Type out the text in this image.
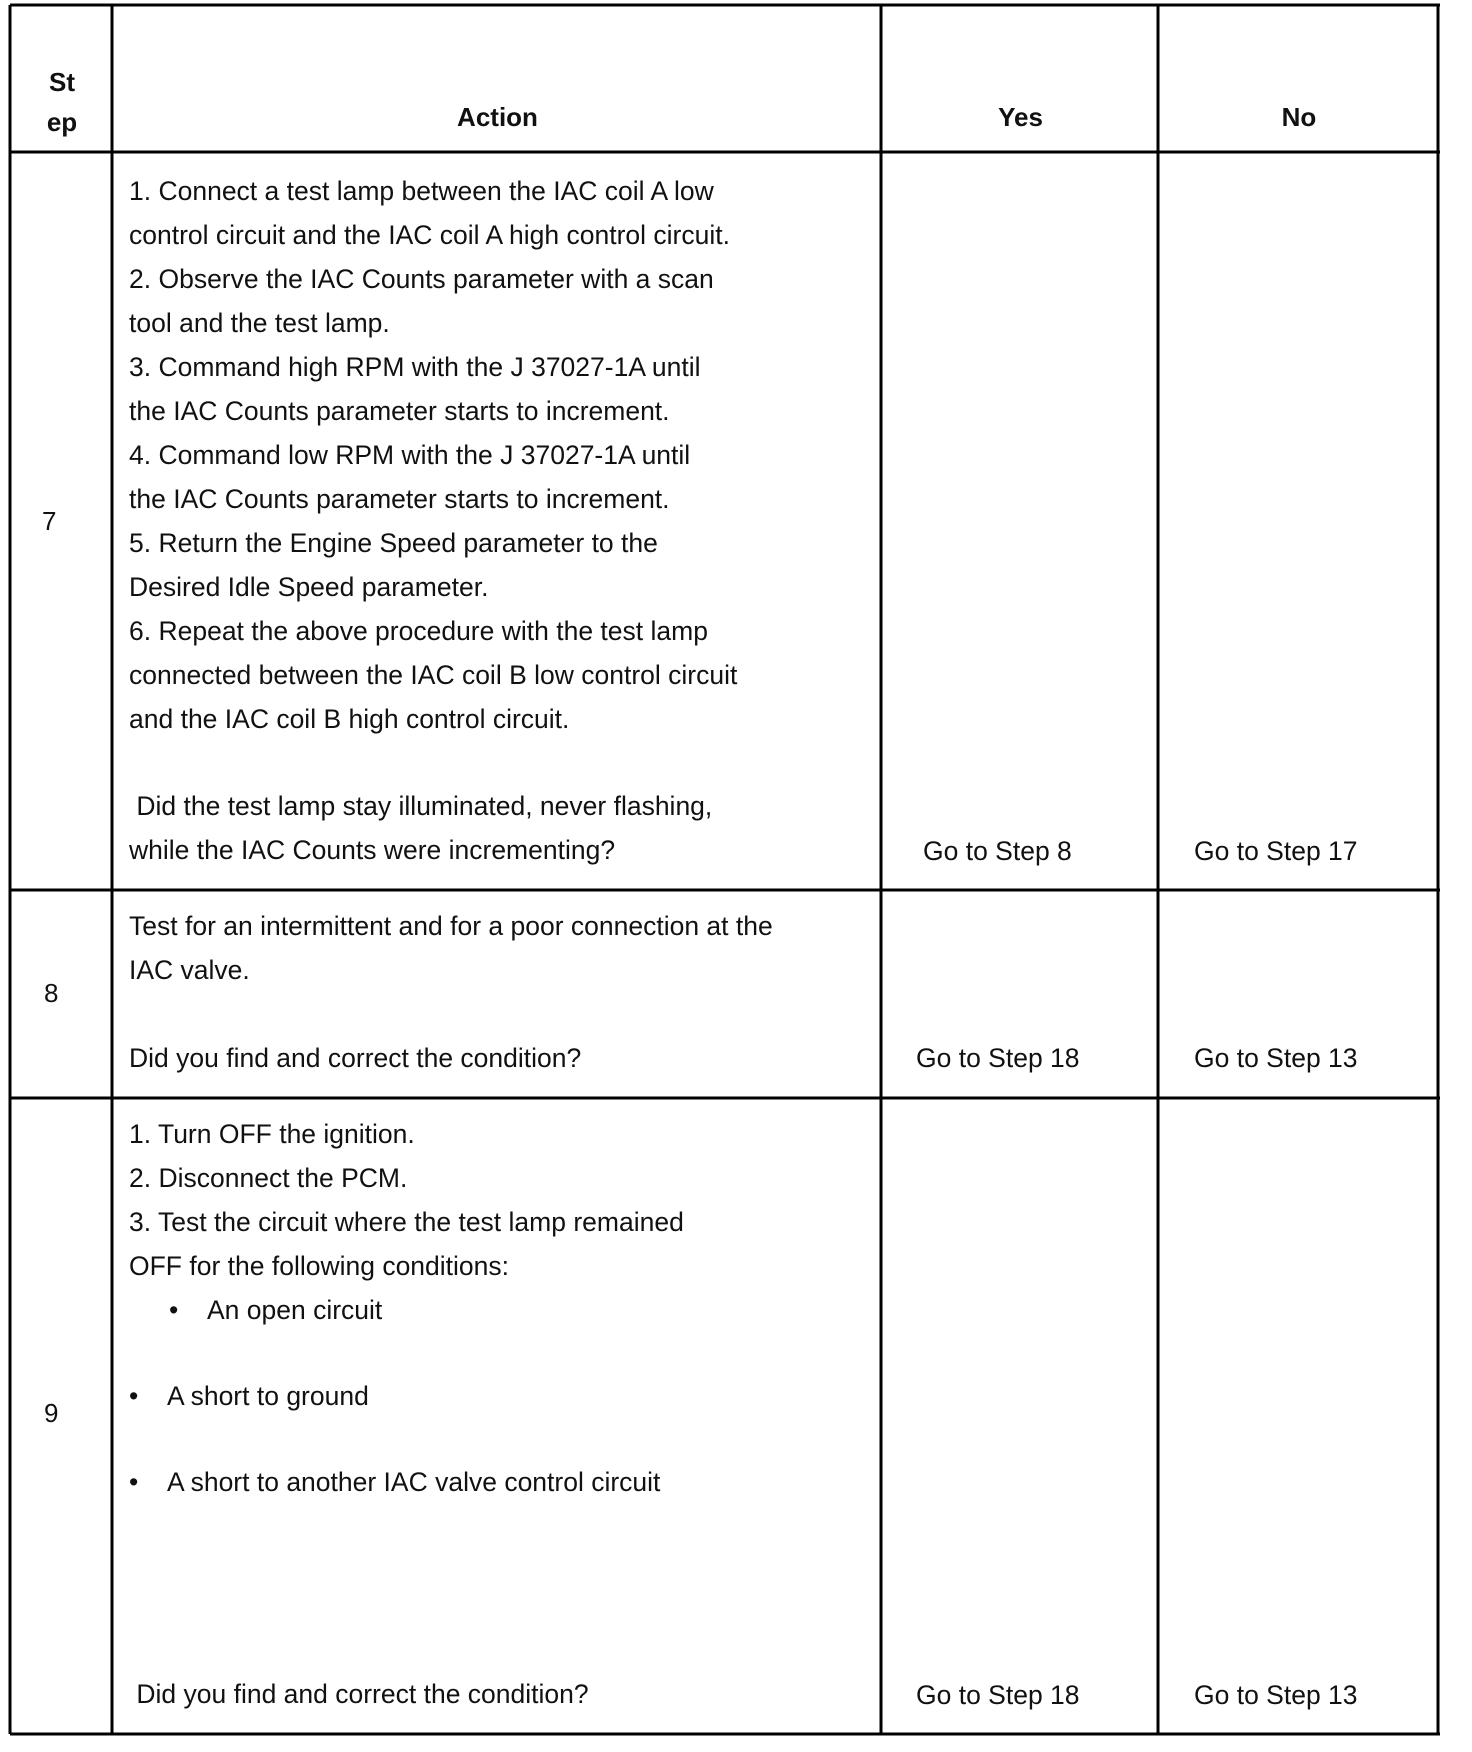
St
ep	Action	Yes	No
7
1. Connect a test lamp between the IAC coil A low
control circuit and the IAC coil A high control circuit.
2. Observe the IAC Counts parameter with a scan
tool and the test lamp.
3. Command high RPM with the J 37027-1A until
the IAC Counts parameter starts to increment.
4. Command low RPM with the J 37027-1A until
the IAC Counts parameter starts to increment.
5. Return the Engine Speed parameter to the
Desired Idle Speed parameter.
6. Repeat the above procedure with the test lamp
connected between the IAC coil B low control circuit
and the IAC coil B high control circuit.
Did the test lamp stay illuminated, never flashing,
while the IAC Counts were incrementing?	Go to Step 8	Go to Step 17
8
Test for an intermittent and for a poor connection at the
IAC valve.
Did you find and correct the condition?	Go to Step 18	Go to Step 13
9
1. Turn OFF the ignition.
2. Disconnect the PCM.
3. Test the circuit where the test lamp remained
OFF for the following conditions:
• An open circuit
• A short to ground
• A short to another IAC valve control circuit
Did you find and correct the condition?	Go to Step 18	Go to Step 13
